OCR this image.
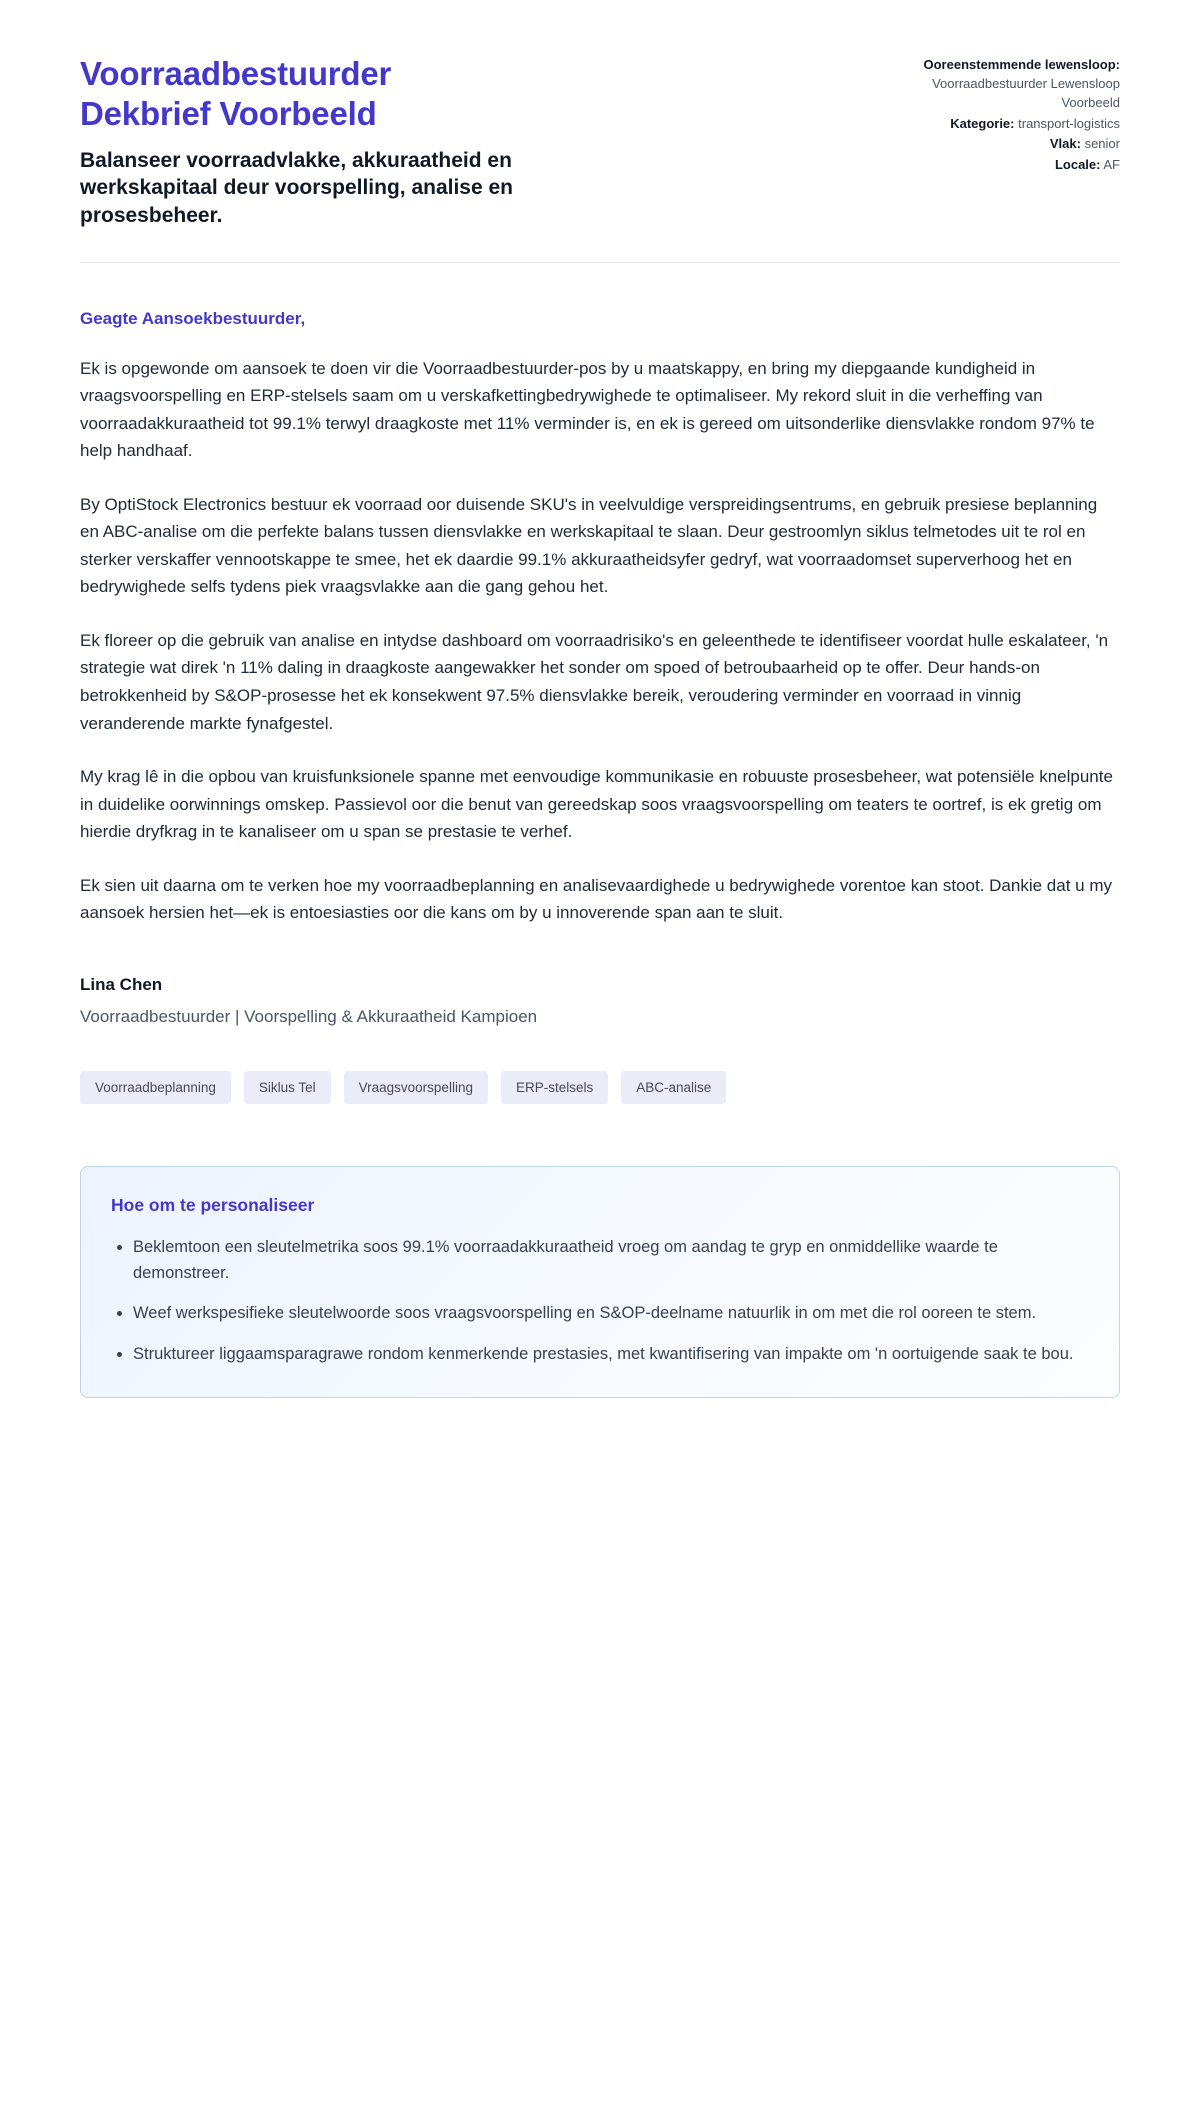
Voorraadbestuurder
Dekbrief Voorbeeld
Balanseer voorraadvlakke, akkuraatheid en werkskapitaal deur voorspelling, analise en prosesbeheer.
Ooreenstemmende lewensloop: Voorraadbestuurder Lewensloop Voorbeeld
Kategorie: transport-logistics
Vlak: senior
Locale: AF
Geagte Aansoekbestuurder,

Ek is opgewonde om aansoek te doen vir die Voorraadbestuurder-pos by u maatskappy, en bring my diepgaande kundigheid in vraagsvoorspelling en ERP-stelsels saam om u verskafkettingbedrywighede te optimaliseer. My rekord sluit in die verheffing van voorraadakkuraatheid tot 99.1% terwyl draagkoste met 11% verminder is, en ek is gereed om uitsonderlike diensvlakke rondom 97% te help handhaaf.

By OptiStock Electronics bestuur ek voorraad oor duisende SKU's in veelvuldige verspreidingsentrums, en gebruik presiese beplanning en ABC-analise om die perfekte balans tussen diensvlakke en werkskapitaal te slaan. Deur gestroomlyn siklus telmetodes uit te rol en sterker verskaffer vennootskappe te smee, het ek daardie 99.1% akkuraatheidsyfer gedryf, wat voorraadomset superverhoog het en bedrywighede selfs tydens piek vraagsvlakke aan die gang gehou het.

Ek floreer op die gebruik van analise en intydse dashboard om voorraadrisiko's en geleenthede te identifiseer voordat hulle eskalateer, 'n strategie wat direk 'n 11% daling in draagkoste aangewakker het sonder om spoed of betroubaarheid op te offer. Deur hands-on betrokkenheid by S&OP-prosesse het ek konsekwent 97.5% diensvlakke bereik, veroudering verminder en voorraad in vinnig veranderende markte fynafgestel.

My krag lê in die opbou van kruisfunksionele spanne met eenvoudige kommunikasie en robuuste prosesbeheer, wat potensiële knelpunte in duidelike oorwinnings omskep. Passievol oor die benut van gereedskap soos vraagsvoorspelling om teaters te oortref, is ek gretig om hierdie dryfkrag in te kanaliseer om u span se prestasie te verhef.

Ek sien uit daarna om te verken hoe my voorraadbeplanning en analisevaardighede u bedrywighede vorentoe kan stoot. Dankie dat u my aansoek hersien het—ek is entoesiasties oor die kans om by u innoverende span aan te sluit.

Lina Chen
Voorraadbestuurder | Voorspelling & Akkuraatheid Kampioen
Voorraadbeplanning	Siklus Tel	Vraagsvoorspelling	ERP-stelsels	ABC-analise
Hoe om te personaliseer
• Beklemtoon een sleutelmetrika soos 99.1% voorraadakkuraatheid vroeg om aandag te gryp en onmiddellike waarde te demonstreer.
• Weef werkspesifieke sleutelwoorde soos vraagsvoorspelling en S&OP-deelname natuurlik in om met die rol ooreen te stem.
• Struktureer liggaamsparagrawe rondom kenmerkende prestasies, met kwantifisering van impakte om 'n oortuigende saak te bou.
